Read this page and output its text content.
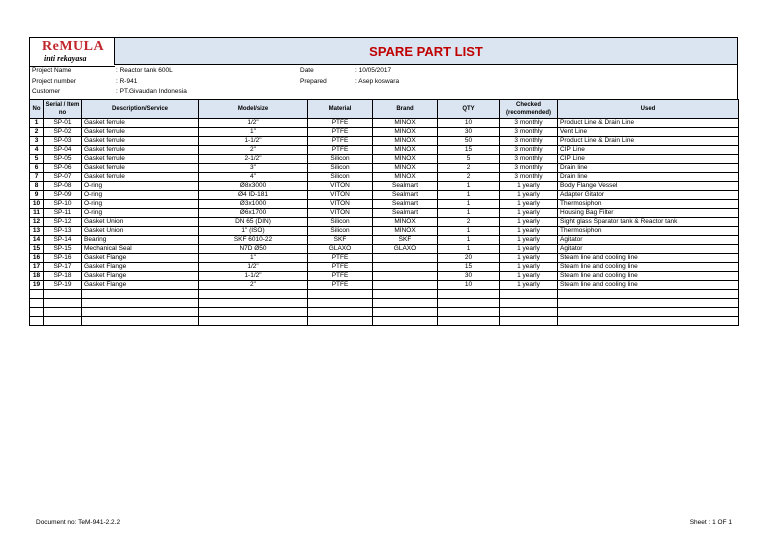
ReMULA
inti rekayasa	SPARE PART LIST
Project Name	: Reactor tank 600L
Project number	: R-941
Customer	: PT.Givaudan Indonesia
Date	: 10/05/2017
Prepared	: Asep koswara
No	Serial / Item no	Description/Service	Model/size	Material	Brand	QTY	Checked (recommended)	Used
1	SP-01	Gasket ferrule	1/2"	PTFE	MINOX	10	3 monthly	Product Line & Drain Line
2	SP-02	Gasket ferrule	1"	PTFE	MINOX	30	3 monthly	Vent Line
3	SP-03	Gasket ferrule	1-1/2"	PTFE	MINOX	50	3 monthly	Product Line & Drain Line
4	SP-04	Gasket ferrule	2"	PTFE	MINOX	15	3 monthly	CIP Line
5	SP-05	Gasket ferrule	2-1/2"	Silicon	MINOX	5	3 monthly	CIP Line
6	SP-06	Gasket ferrule	3"	Silicon	MINOX	2	3 monthly	Drain line
7	SP-07	Gasket ferrule	4"	Silicon	MINOX	2	3 monthly	Drain line
8	SP-08	O-ring	Ø8x3000	VITON	Sealmart	1	1 yearly	Body Flange Vessel
9	SP-09	O-ring	Ø4 ID-181	VITON	Sealmart	1	1 yearly	Adapter Gitator
10	SP-10	O-ring	Ø3x1000	VITON	Sealmart	1	1 yearly	Thermosiphon
11	SP-11	O-ring	Ø6x1700	VITON	Sealmart	1	1 yearly	Housing Bag Filter
12	SP-12	Gasket Union	DN 65 (DIN)	Silicon	MINOX	2	1 yearly	Sight glass Sparator tank & Reactor tank
13	SP-13	Gasket Union	1" (ISO)	Silicon	MINOX	1	1 yearly	Thermosiphon
14	SP-14	Bearing	SKF 6010-22	SKF	SKF	1	1 yearly	Agitator
15	SP-15	Mechanical Seal	N7D Ø50	GLAXO	GLAXO	1	1 yearly	Agitator
16	SP-16	Gasket Flange	1"	PTFE		20	1 yearly	Steam line and cooling line
17	SP-17	Gasket Flange	1/2"	PTFE		15	1 yearly	Steam line and cooling line
18	SP-18	Gasket Flange	1-1/2"	PTFE		30	1 yearly	Steam line and cooling line
19	SP-19	Gasket Flange	2"	PTFE		10	1 yearly	Steam line and cooling line

Document no: TeM-941-2.2.2	Sheet : 1 OF 1
